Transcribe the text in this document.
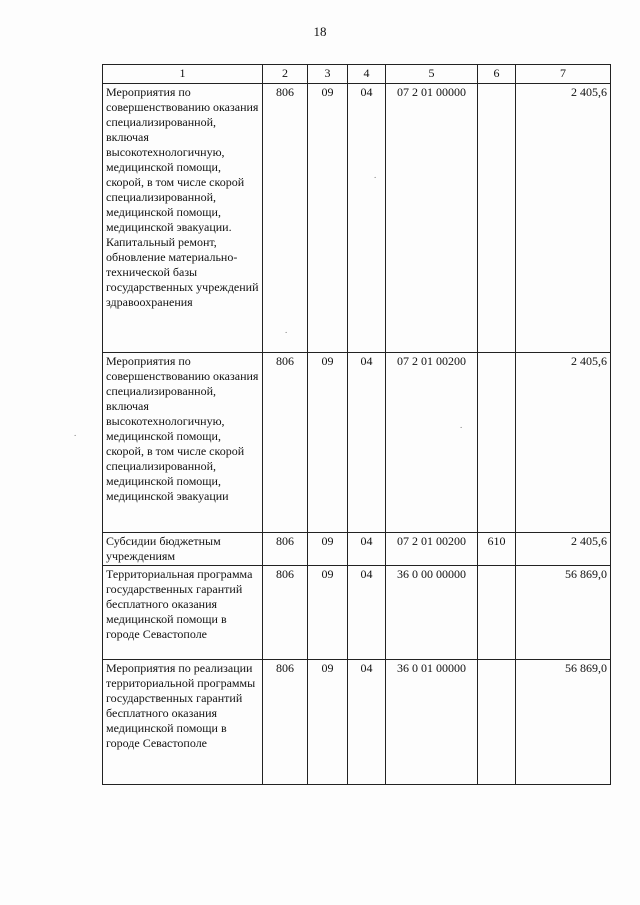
18
1	2	3	4	5	6	7
Мероприятия по совершенствованию оказания специализированной, включая высокотехнологичную, медицинской помощи, скорой, в том числе скорой специализированной, медицинской помощи, медицинской эвакуации. Капитальный ремонт, обновление материально-технической базы государственных учреждений здравоохранения	806	09	04	07 2 01 00000		2 405,6
Мероприятия по совершенствованию оказания специализированной, включая высокотехнологичную, медицинской помощи, скорой, в том числе скорой специализированной, медицинской помощи, медицинской эвакуации	806	09	04	07 2 01 00200		2 405,6
Субсидии бюджетным учреждениям	806	09	04	07 2 01 00200	610	2 405,6
Территориальная программа государственных гарантий бесплатного оказания медицинской помощи в городе Севастополе	806	09	04	36 0 00 00000		56 869,0
Мероприятия по реализации территориальной программы государственных гарантий бесплатного оказания медицинской помощи в городе Севастополе	806	09	04	36 0 01 00000		56 869,0
.
.
.
.
